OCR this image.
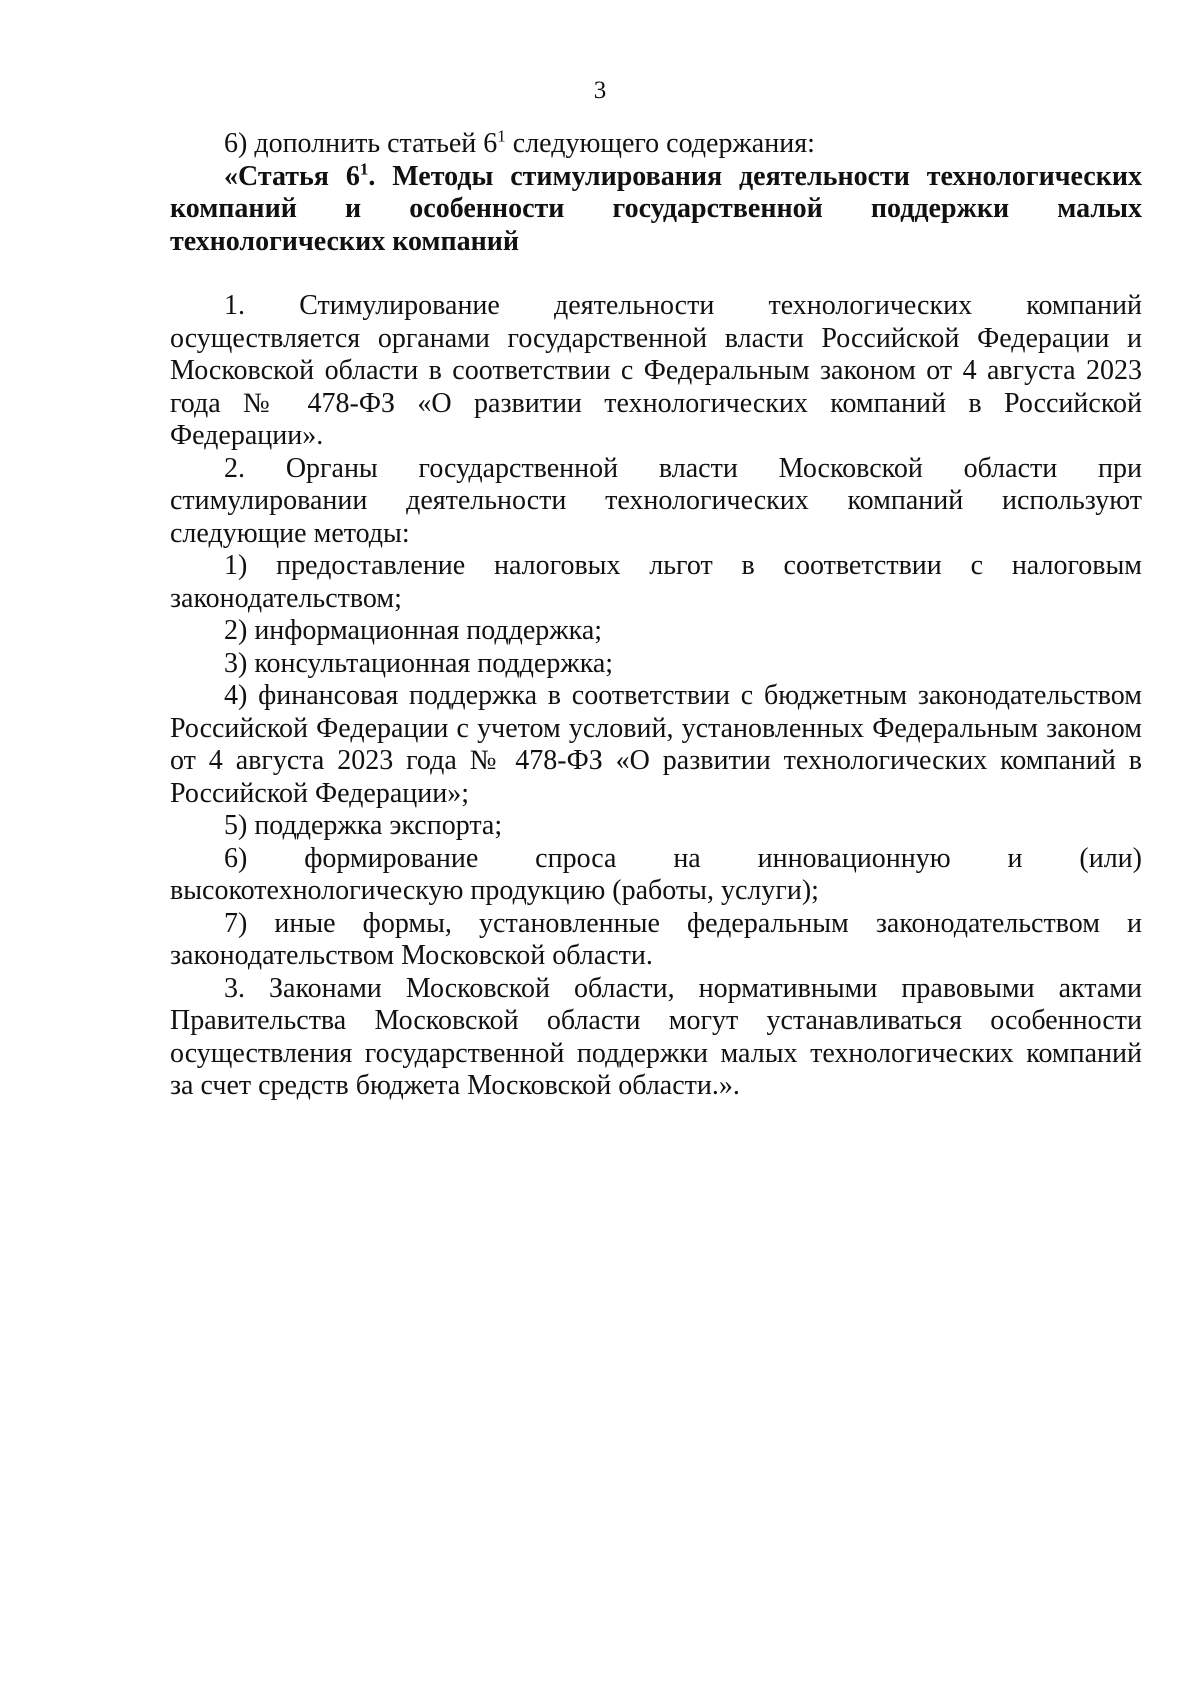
3

6) дополнить статьей $6^1$ следующего содержания:

«Статья $6^1$. Методы стимулирования деятельности технологических компаний и особенности государственной поддержки малых технологических компаний

1. Стимулирование деятельности технологических компаний осуществляется органами государственной власти Российской Федерации и Московской области в соответствии с Федеральным законом от 4 августа 2023 года № 478-ФЗ «О развитии технологических компаний в Российской Федерации».

2. Органы государственной власти Московской области при стимулировании деятельности технологических компаний используют следующие методы:

1) предоставление налоговых льгот в соответствии с налоговым законодательством;

2) информационная поддержка;

3) консультационная поддержка;

4) финансовая поддержка в соответствии с бюджетным законодательством Российской Федерации с учетом условий, установленных Федеральным законом от 4 августа 2023 года № 478-ФЗ «О развитии технологических компаний в Российской Федерации»;

5) поддержка экспорта;

6) формирование спроса на инновационную и (или) высокотехнологическую продукцию (работы, услуги);

7) иные формы, установленные федеральным законодательством и законодательством Московской области.

3. Законами Московской области, нормативными правовыми актами Правительства Московской области могут устанавливаться особенности осуществления государственной поддержки малых технологических компаний за счет средств бюджета Московской области.».
